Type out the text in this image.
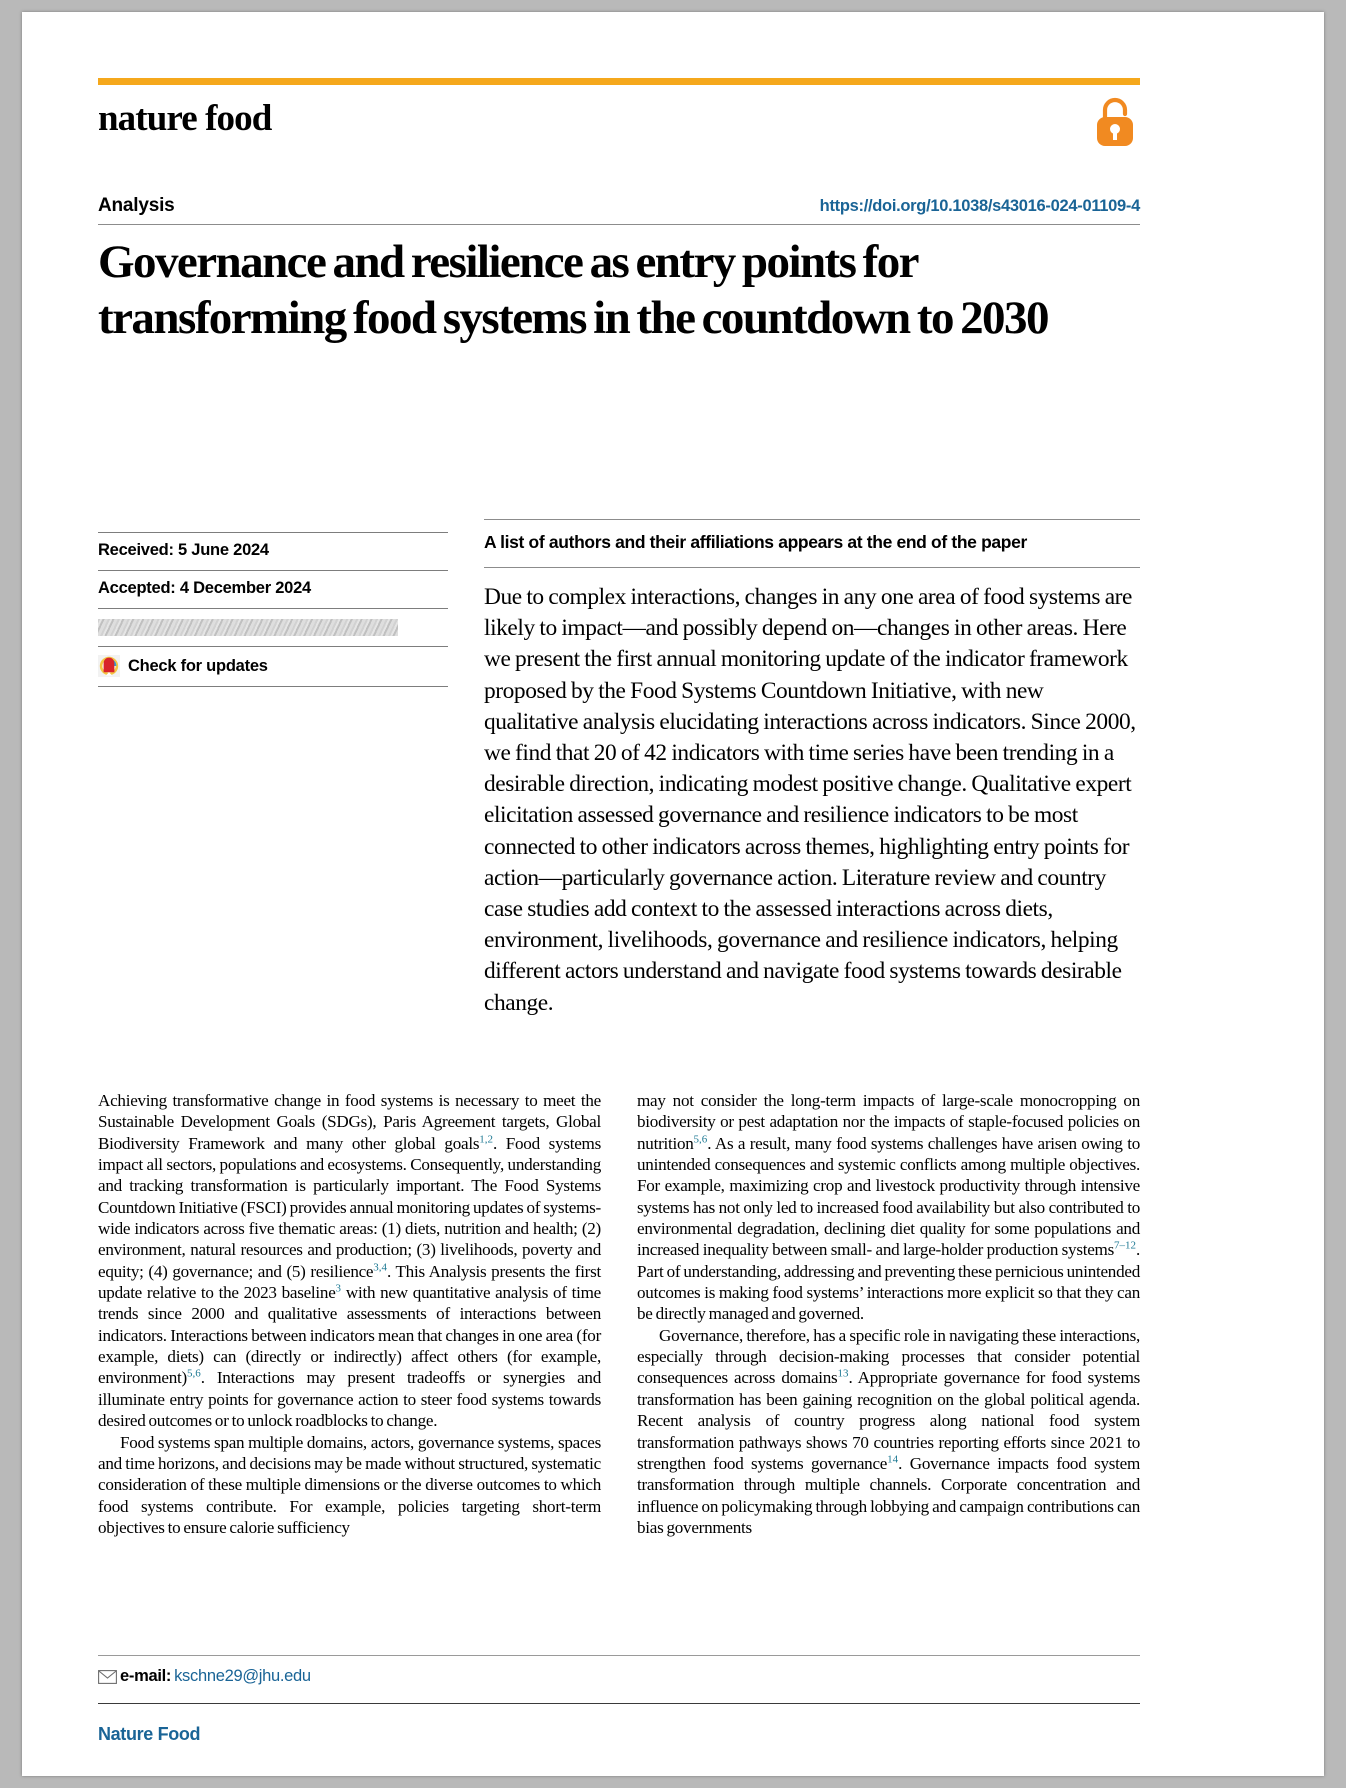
nature food
Analysis	https://doi.org/10.1038/s43016-024-01109-4
Governance and resilience as entry points for transforming food systems in the countdown to 2030
Received: 5 June 2024
Accepted: 4 December 2024
Check for updates
A list of authors and their affiliations appears at the end of the paper
Due to complex interactions, changes in any one area of food systems are likely to impact—and possibly depend on—changes in other areas. Here we present the first annual monitoring update of the indicator framework proposed by the Food Systems Countdown Initiative, with new qualitative analysis elucidating interactions across indicators. Since 2000, we find that 20 of 42 indicators with time series have been trending in a desirable direction, indicating modest positive change. Qualitative expert elicitation assessed governance and resilience indicators to be most connected to other indicators across themes, highlighting entry points for action—particularly governance action. Literature review and country case studies add context to the assessed interactions across diets, environment, livelihoods, governance and resilience indicators, helping different actors understand and navigate food systems towards desirable change.

Achieving transformative change in food systems is necessary to meet the Sustainable Development Goals (SDGs), Paris Agreement targets, Global Biodiversity Framework and many other global goals$^{1,2}$. Food systems impact all sectors, populations and ecosystems. Consequently, understanding and tracking transformation is particularly important. The Food Systems Countdown Initiative (FSCI) provides annual monitoring updates of systems-wide indicators across five thematic areas: (1) diets, nutrition and health; (2) environment, natural resources and production; (3) livelihoods, poverty and equity; (4) governance; and (5) resilience$^{3,4}$. This Analysis presents the first update relative to the 2023 baseline$^3$ with new quantitative analysis of time trends since 2000 and qualitative assessments of interactions between indicators. Interactions between indicators mean that changes in one area (for example, diets) can (directly or indirectly) affect others (for example, environment)$^{5,6}$. Interactions may present tradeoffs or synergies and illuminate entry points for governance action to steer food systems towards desired outcomes or to unlock roadblocks to change.

Food systems span multiple domains, actors, governance systems, spaces and time horizons, and decisions may be made without structured, systematic consideration of these multiple dimensions or the diverse outcomes to which food systems contribute. For example, policies targeting short-term objectives to ensure calorie sufficiency

may not consider the long-term impacts of large-scale monocropping on biodiversity or pest adaptation nor the impacts of staple-focused policies on nutrition$^{5,6}$. As a result, many food systems challenges have arisen owing to unintended consequences and systemic conflicts among multiple objectives. For example, maximizing crop and livestock productivity through intensive systems has not only led to increased food availability but also contributed to environmental degradation, declining diet quality for some populations and increased inequality between small- and large-holder production systems$^{7-12}$. Part of understanding, addressing and preventing these pernicious unintended outcomes is making food systems’ interactions more explicit so that they can be directly managed and governed.

Governance, therefore, has a specific role in navigating these interactions, especially through decision-making processes that consider potential consequences across domains$^{13}$. Appropriate governance for food systems transformation has been gaining recognition on the global political agenda. Recent analysis of country progress along national food system transformation pathways shows 70 countries reporting efforts since 2021 to strengthen food systems governance$^{14}$. Governance impacts food system transformation through multiple channels. Corporate concentration and influence on policymaking through lobbying and campaign contributions can bias governments

e-mail: kschne29@jhu.edu
Nature Food
